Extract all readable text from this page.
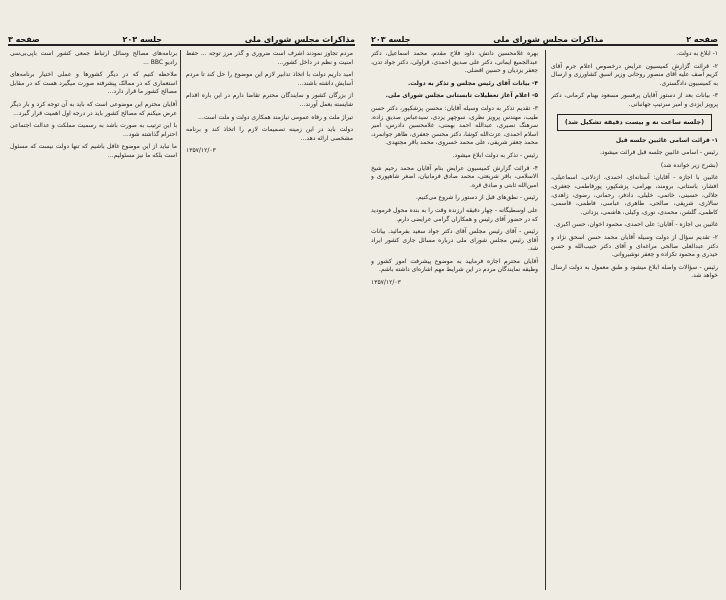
مذاکرات مجلس شورای ملی
جلسه ۲۰۳
صفحه ۳

برنامه‌های مصالح وسائل ارتباط جمعی کشور است باپی‌بی‌سی رادیو BBC ...

ملاحظه کنیم که در دیگر کشورها و عملی اختیار برنامه‌های استعماری که در ممالک پیشرفته صورت میگیرد هست که در مقابل مصالح کشور ما قرار دارد...

آقایان محترم این موضوعی است که باید به آن توجه کرد و بار دیگر عرض میکنم که مصالح کشور باید در درجه اول اهمیت قرار گیرد...

با این ترتیب به صورت باشد به رسمیت مملکت و عدالت اجتماعی احترام گذاشته شود...

ما نباید از این موضوع غافل باشیم که تنها دولت نیست که مسئول است بلکه ما نیز مسئولیم...

مردم تجاوز نمودند اشرف است ضروری و گذر مرز توجه ... حفظ امنیت و نظم در داخل کشور...

امید داریم دولت با اتخاذ تدابیر لازم این موضوع را حل کند تا مردم آسایش داشته باشند...

از بزرگان کشور و نمایندگان محترم تقاضا دارم در این باره اقدام شایسته بعمل آورند...

تیراژ ملت و رفاه عمومی نیازمند همکاری دولت و ملت است...

دولت باید در این زمینه تصمیمات لازم را اتخاذ کند و برنامه مشخصی ارائه دهد...

۱۳۵۷/۱۲/۰۳
صفحه ۲
مذاکرات مجلس شورای ملی
جلسه ۲۰۳

۱- ابلاغ به دولت.

۲- قرائت گزارش کمیسیون عرایض درخصوص اعلام جرم آقای کریم آصف علیه آقای منصور روحانی وزیر اسبق کشاورزی و ارسال به کمیسیون دادگستری.

۳- بیانات بعد از دستور آقایان پرفسور مسعود بهنام کرمانی، دکتر پرویز ایزدی و امیر سرتیپ جهانبانی.

(جلسه ساعت نه و بیست دقیقه تشکیل شد)

۱- قرائت اسامی غائبین جلسه قبل

رئیس - اسامی غائبین جلسه قبل قرائت میشود.

(بشرح زیر خوانده شد)

غائبین با اجازه - آقایان: آستانه‌ای، احمدی، ازدلانی، اسماعیلی، افشار، باستانی، برومند، بهرامی، پزشکپور، پورفاطمی، جعفری، جلالی، حسینی، خاتمی، خلیلی، دادفر، رحمانی، رضوی، زاهدی، سالاری، شریفی، صالحی، طاهری، عباسی، فاطمی، قاسمی، کاظمی، گلشن، محمدی، نوری، وکیلی، هاشمی، یزدانی.

غائبین بی اجازه - آقایان: علی احمدی، محمود اخوان، حسن اکبری.

۲- تقدیم سؤال از دولت وسیله آقایان محمد حسن اسحق نژاد و دکتر عبدالعلی صالحی مراغه‌ای و آقای دکتر حبیب‌الله و حسن حیدری و محمود تکزاده و جعفر نوشیروانی.

رئیس - سؤالات واصله ابلاغ میشود و طبق معمول به دولت ارسال خواهد شد.

بهره غلامحسین دانش، داود فلاح مقدم، محمد اسماعیل، دکتر عبدالجمیع ایمانی، دکتر علی صدیق احمدی، قراولی، دکتر جواد تدن، جعفر یزدیان و حسین افضلی.

۴- بیانات آقای رئیس مجلس و تذکر به دولت.

۵- اعلام آغاز تعطیلات تابستانی مجلس شورای ملی.

۳- تقدیم تذکر به دولت وسیله آقایان: محسن پزشکپور، دکتر حسن طیب، مهندس پرویز نظری، سوچهر یزدی، سیدعباس صدیق زاده، سرهنگ نصیری، عبدالله احمد بهمنی، غلامحسین دادرس، امیر اسلام احمدی، عزت‌الله کوشا، دکتر محسن جعفری، ظاهر جوانمرد، محمد جعفر شریفی، علی محمد خسروی، محمد باقر مجتهدی.

رئیس - تذکر به دولت ابلاغ میشود.

۴- قرائت گزارش کمیسیون عرایض بنام آقایان محمد رحیم شیخ الاسلامی، باقر شریعتی، محمد صادق فرمانیان، اصغر شاهپوری و امین‌الله ثابتی و صادق قره.

رئیس - نطق‌های قبل از دستور را شروع می‌کنیم.

علی اوسطیگانه - چهار دقیقه ارزنده وقت را به بنده محول فرمودید که در حضور آقای رئیس و همکاران گرامی عرایضی دارم.

رئیس - آقای رئیس مجلس آقای دکتر جواد سعید بفرمائید. بیانات آقای رئیس مجلس شورای ملی درباره مسائل جاری کشور ایراد شد.

آقایان محترم اجازه فرمایید به موضوع پیشرفت امور کشور و وظیفه نمایندگان مردم در این شرایط مهم اشاره‌ای داشته باشم.

۱۳۵۷/۱۲/۰۳
